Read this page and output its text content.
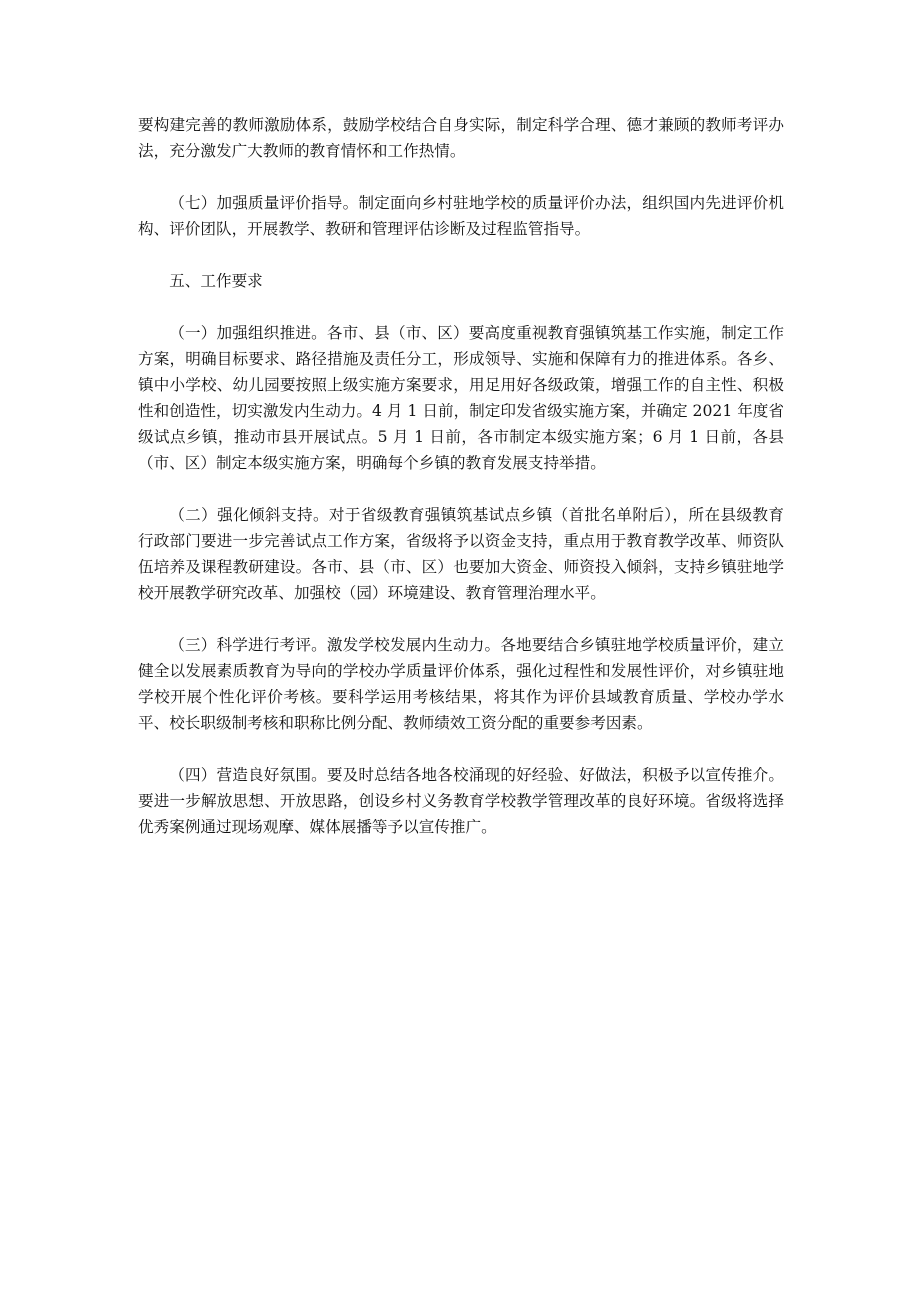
要构建完善的教师激励体系，鼓励学校结合自身实际，制定科学合理、德才兼顾的教师考评办法，充分激发广大教师的教育情怀和工作热情。

（七）加强质量评价指导。制定面向乡村驻地学校的质量评价办法，组织国内先进评价机构、评价团队，开展教学、教研和管理评估诊断及过程监管指导。

五、工作要求

（一）加强组织推进。各市、县（市、区）要高度重视教育强镇筑基工作实施，制定工作方案，明确目标要求、路径措施及责任分工，形成领导、实施和保障有力的推进体系。各乡、镇中小学校、幼儿园要按照上级实施方案要求，用足用好各级政策，增强工作的自主性、积极性和创造性，切实激发内生动力。4 月 1 日前，制定印发省级实施方案，并确定 2021 年度省级试点乡镇，推动市县开展试点。5 月 1 日前，各市制定本级实施方案；6 月 1 日前，各县（市、区）制定本级实施方案，明确每个乡镇的教育发展支持举措。

（二）强化倾斜支持。对于省级教育强镇筑基试点乡镇（首批名单附后），所在县级教育行政部门要进一步完善试点工作方案，省级将予以资金支持，重点用于教育教学改革、师资队伍培养及课程教研建设。各市、县（市、区）也要加大资金、师资投入倾斜，支持乡镇驻地学校开展教学研究改革、加强校（园）环境建设、教育管理治理水平。

（三）科学进行考评。激发学校发展内生动力。各地要结合乡镇驻地学校质量评价，建立健全以发展素质教育为导向的学校办学质量评价体系，强化过程性和发展性评价，对乡镇驻地学校开展个性化评价考核。要科学运用考核结果，将其作为评价县域教育质量、学校办学水平、校长职级制考核和职称比例分配、教师绩效工资分配的重要参考因素。

（四）营造良好氛围。要及时总结各地各校涌现的好经验、好做法，积极予以宣传推介。要进一步解放思想、开放思路，创设乡村义务教育学校教学管理改革的良好环境。省级将选择优秀案例通过现场观摩、媒体展播等予以宣传推广。
